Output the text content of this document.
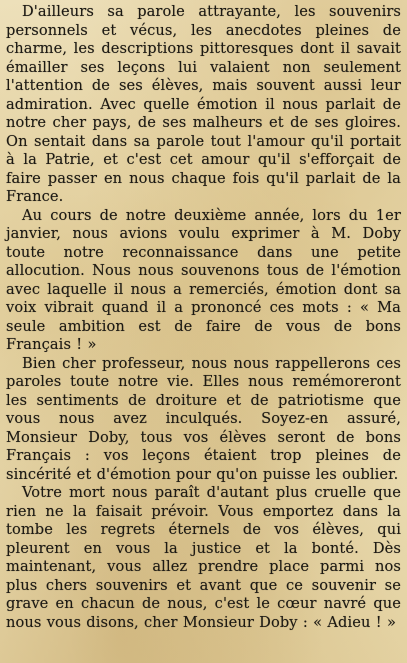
D'ailleurs sa parole attrayante, les souvenirs personnels et vécus, les anecdotes pleines de charme, les descriptions pittoresques dont il savait émailler ses leçons lui valaient non seulement l'attention de ses élèves, mais souvent aussi leur admiration. Avec quelle émotion il nous parlait de notre cher pays, de ses malheurs et de ses gloires. On sentait dans sa parole tout l'amour qu'il portait à la Patrie, et c'est cet amour qu'il s'efforçait de faire passer en nous chaque fois qu'il parlait de la France.

Au cours de notre deuxième année, lors du 1er janvier, nous avions voulu exprimer à M. Doby toute notre reconnaissance dans une petite allocution. Nous nous souvenons tous de l'émotion avec laquelle il nous a remerciés, émotion dont sa voix vibrait quand il a prononcé ces mots : « Ma seule ambition est de faire de vous de bons Français ! »

Bien cher professeur, nous nous rappellerons ces paroles toute notre vie. Elles nous remémoreront les sentiments de droiture et de patriotisme que vous nous avez inculqués. Soyez-en assuré, Monsieur Doby, tous vos élèves seront de bons Français : vos leçons étaient trop pleines de sincérité et d'émotion pour qu'on puisse les oublier.

Votre mort nous paraît d'autant plus cruelle que rien ne la faisait prévoir. Vous emportez dans la tombe les regrets éternels de vos élèves, qui pleurent en vous la justice et la bonté. Dès maintenant, vous allez prendre place parmi nos plus chers souvenirs et avant que ce souvenir se grave en chacun de nous, c'est le cœur navré que nous vous disons, cher Monsieur Doby : « Adieu ! »
